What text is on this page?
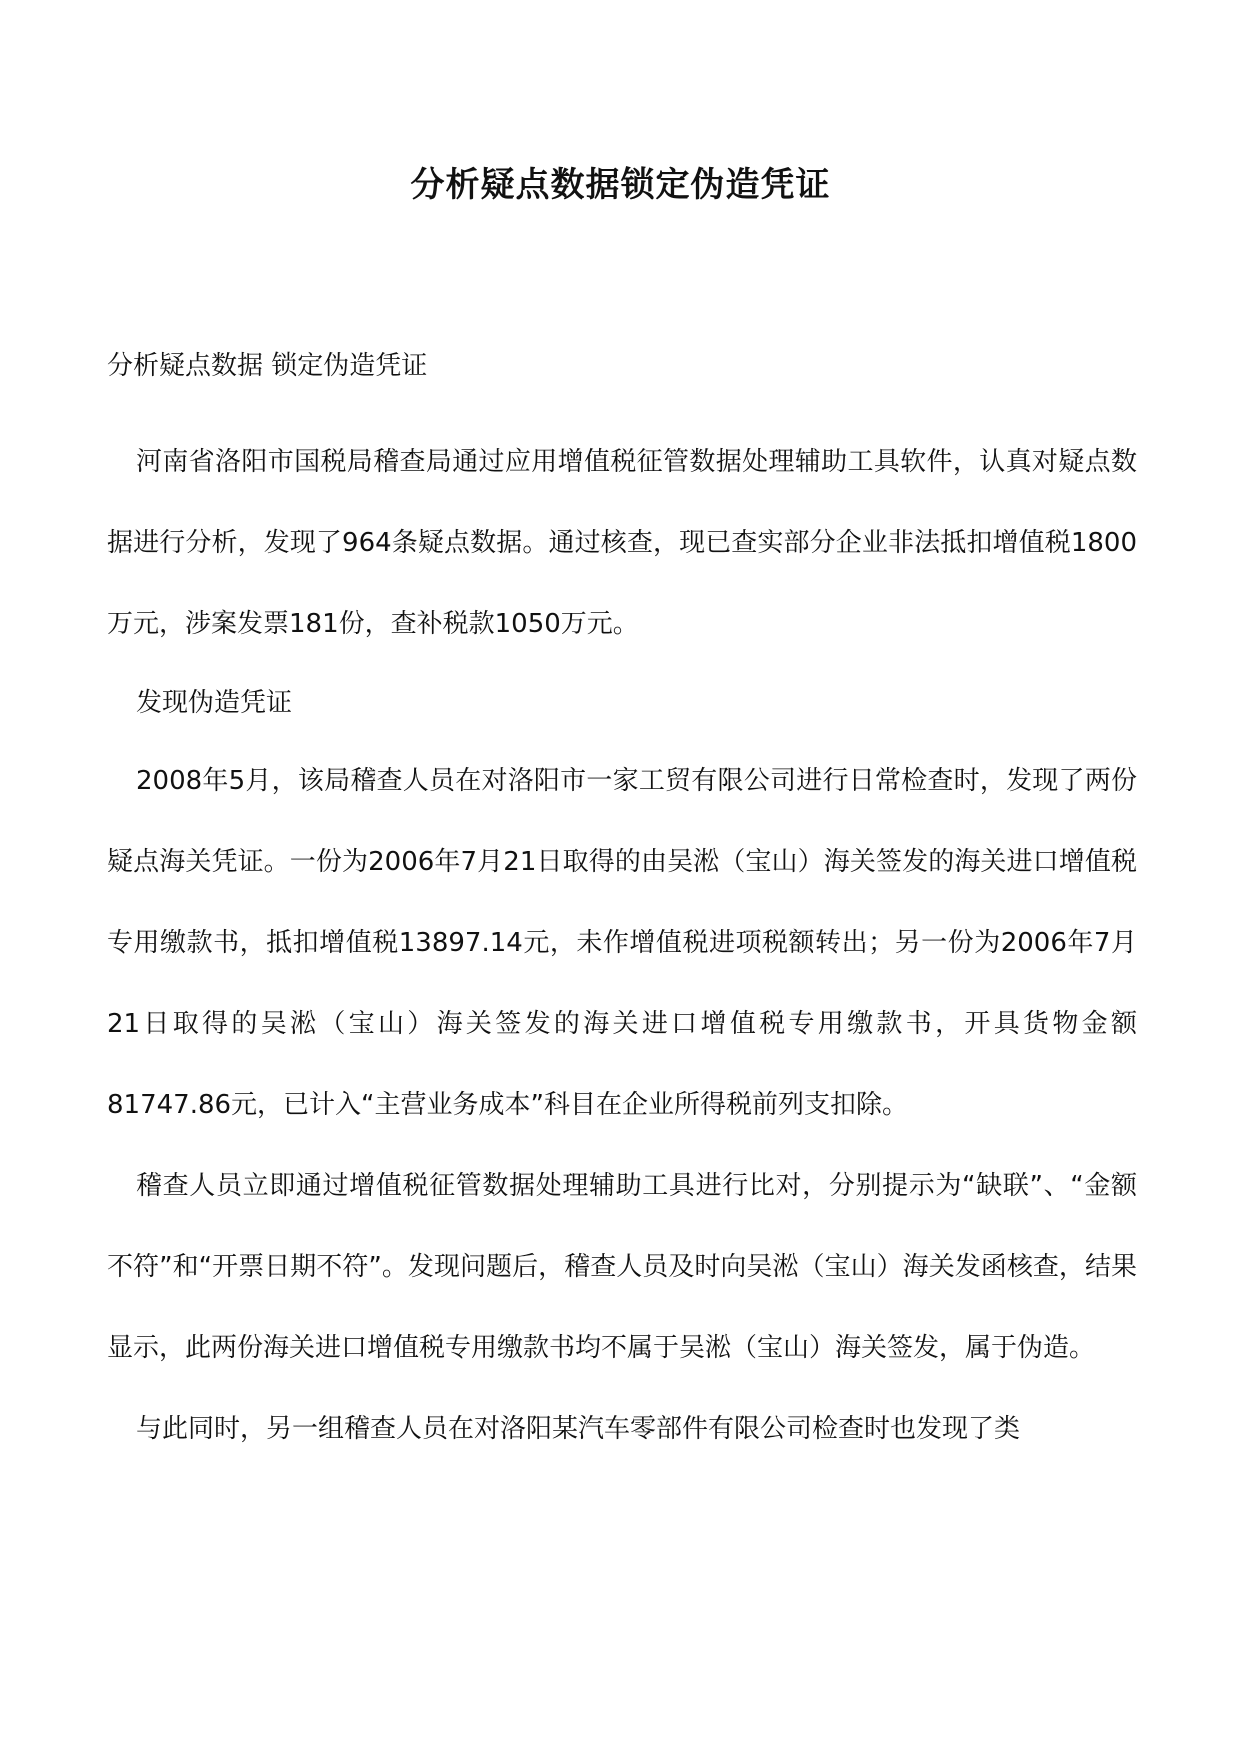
分析疑点数据锁定伪造凭证

分析疑点数据 锁定伪造凭证

河南省洛阳市国税局稽查局通过应用增值税征管数据处理辅助工具软件，认真对疑点数据进行分析，发现了964条疑点数据。通过核查，现已查实部分企业非法抵扣增值税1800万元，涉案发票181份，查补税款1050万元。

发现伪造凭证

2008年5月，该局稽查人员在对洛阳市一家工贸有限公司进行日常检查时，发现了两份疑点海关凭证。一份为2006年7月21日取得的由吴淞（宝山）海关签发的海关进口增值税专用缴款书，抵扣增值税13897.14元，未作增值税进项税额转出；另一份为2006年7月21日取得的吴淞（宝山）海关签发的海关进口增值税专用缴款书，开具货物金额81747.86元，已计入“主营业务成本”科目在企业所得税前列支扣除。

稽查人员立即通过增值税征管数据处理辅助工具进行比对，分别提示为“缺联”、“金额不符”和“开票日期不符”。发现问题后，稽查人员及时向吴淞（宝山）海关发函核查，结果显示，此两份海关进口增值税专用缴款书均不属于吴淞（宝山）海关签发，属于伪造。

与此同时，另一组稽查人员在对洛阳某汽车零部件有限公司检查时也发现了类
